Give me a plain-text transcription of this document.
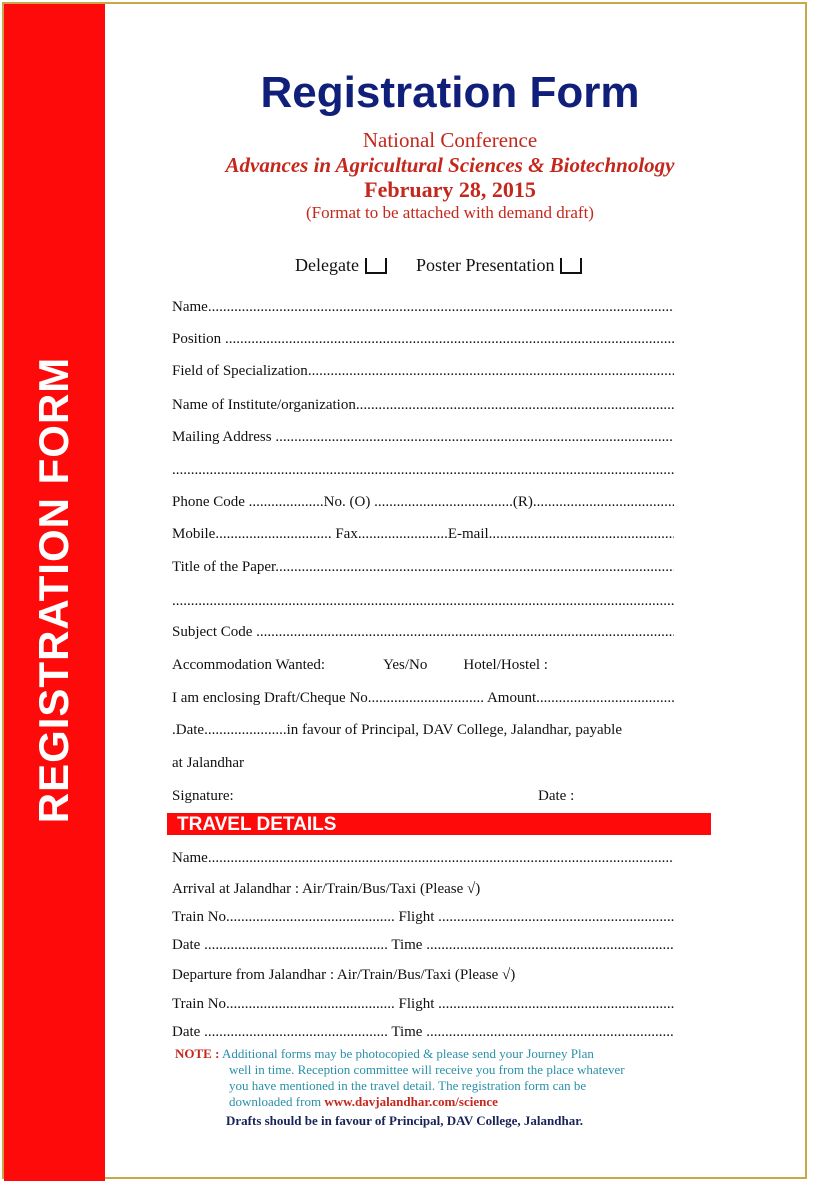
REGISTRATION FORM
Registration Form
National Conference
Advances in Agricultural Sciences & Biotechnology
February 28, 2015
(Format to be attached with demand draft)
Delegate	Poster Presentation
Name .....
Position .....
Field of Specialization .....
Name of Institute/organization .....
Mailing Address .....
.....
Phone Code ....................No. (O) .....................................(R) .....
Mobile............................... Fax........................E-mail .....
Title of the Paper .....
.....
Subject Code .....
Accommodation Wanted:	Yes/No Hotel/Hostel :
I am enclosing Draft/Cheque No............................... Amount .....
.Date......................in favour of Principal, DAV College, Jalandhar, payable
at Jalandhar
Signature:	Date :
TRAVEL DETAILS
Name .....
Arrival at Jalandhar : Air/Train/Bus/Taxi (Please √)
Train No............................................. Flight .....
Date ................................................. Time .....
Departure from Jalandhar : Air/Train/Bus/Taxi (Please √)
Train No............................................. Flight .....
Date ................................................. Time .....
NOTE : Additional forms may be photocopied & please send your Journey Plan
well in time. Reception committee will receive you from the place whatever
you have mentioned in the travel detail. The registration form can be
downloaded from www.davjalandhar.com/science
Drafts should be in favour of Principal, DAV College, Jalandhar.
